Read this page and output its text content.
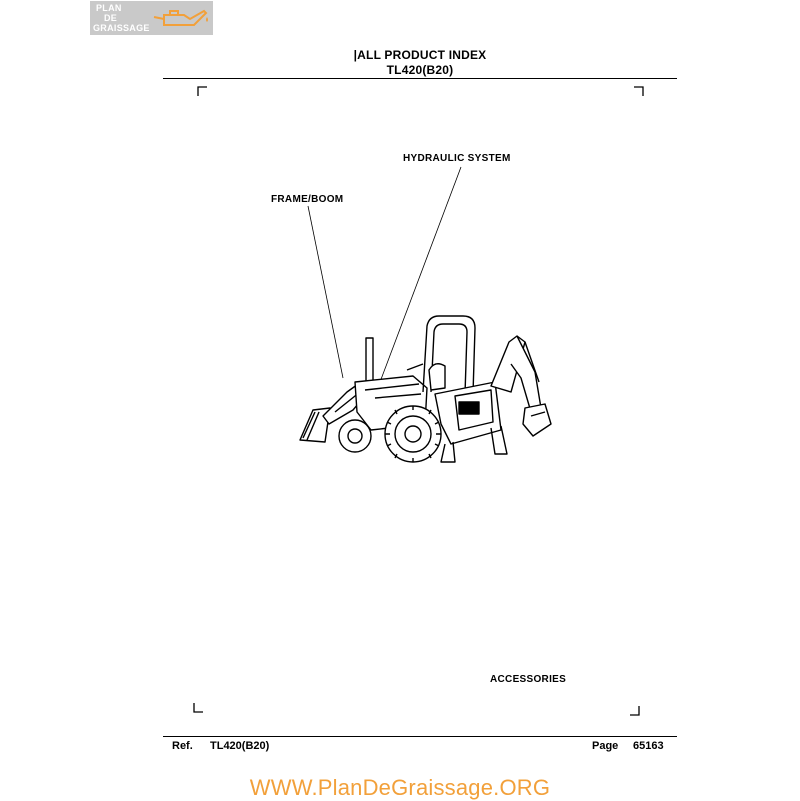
PLAN
DE
GRAISSAGE
|ALL PRODUCT INDEX
TL420(B20)
HYDRAULIC SYSTEM
FRAME/BOOM
ACCESSORIES
Ref. TL420(B20)	Page 65163
WWW.PlanDeGraissage.ORG
